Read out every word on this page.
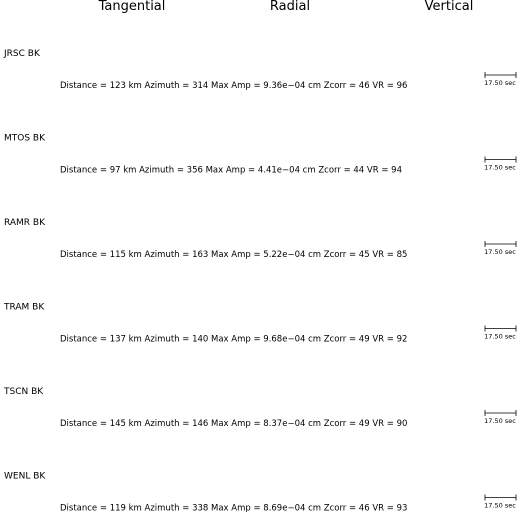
Tangential	Radial	Vertical
JRSC BK
Distance = 123 km Azimuth = 314 Max Amp = 9.36e−04 cm Zcorr = 46 VR = 96	17.50 sec
MTOS BK
Distance = 97 km Azimuth = 356 Max Amp = 4.41e−04 cm Zcorr = 44 VR = 94	17.50 sec
RAMR BK
Distance = 115 km Azimuth = 163 Max Amp = 5.22e−04 cm Zcorr = 45 VR = 85	17.50 sec
TRAM BK
Distance = 137 km Azimuth = 140 Max Amp = 9.68e−04 cm Zcorr = 49 VR = 92	17.50 sec
TSCN BK
Distance = 145 km Azimuth = 146 Max Amp = 8.37e−04 cm Zcorr = 49 VR = 90	17.50 sec
WENL BK
Distance = 119 km Azimuth = 338 Max Amp = 8.69e−04 cm Zcorr = 46 VR = 93	17.50 sec
